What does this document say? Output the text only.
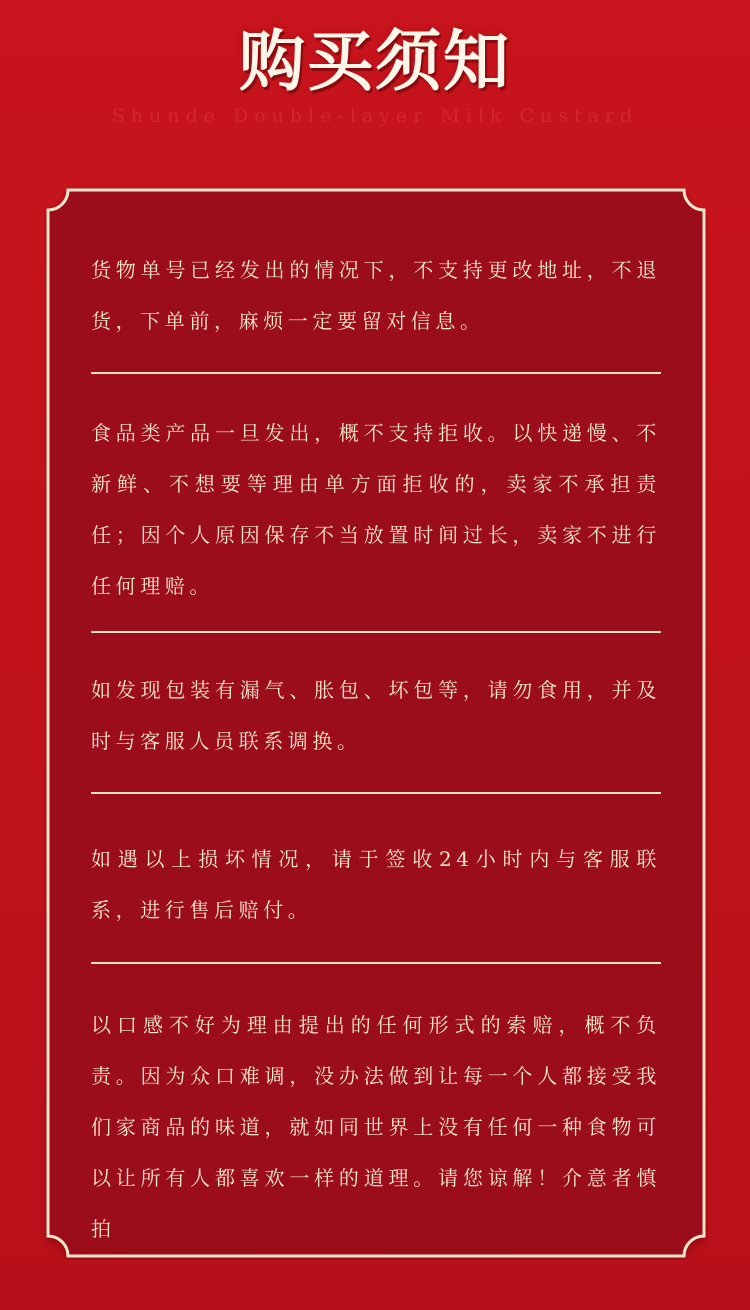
购买须知
Shunde Double-layer Milk Custard
货物单号已经发出的情况下，不支持更改地址，不退货，下单前，麻烦一定要留对信息。
食品类产品一旦发出，概不支持拒收。以快递慢、不新鲜、不想要等理由单方面拒收的，卖家不承担责任；因个人原因保存不当放置时间过长，卖家不进行任何理赔。
如发现包装有漏气、胀包、坏包等，请勿食用，并及时与客服人员联系调换。
如遇以上损坏情况，请于签收24小时内与客服联系，进行售后赔付。
以口感不好为理由提出的任何形式的索赔，概不负责。因为众口难调，没办法做到让每一个人都接受我们家商品的味道，就如同世界上没有任何一种食物可以让所有人都喜欢一样的道理。请您谅解！介意者慎拍
